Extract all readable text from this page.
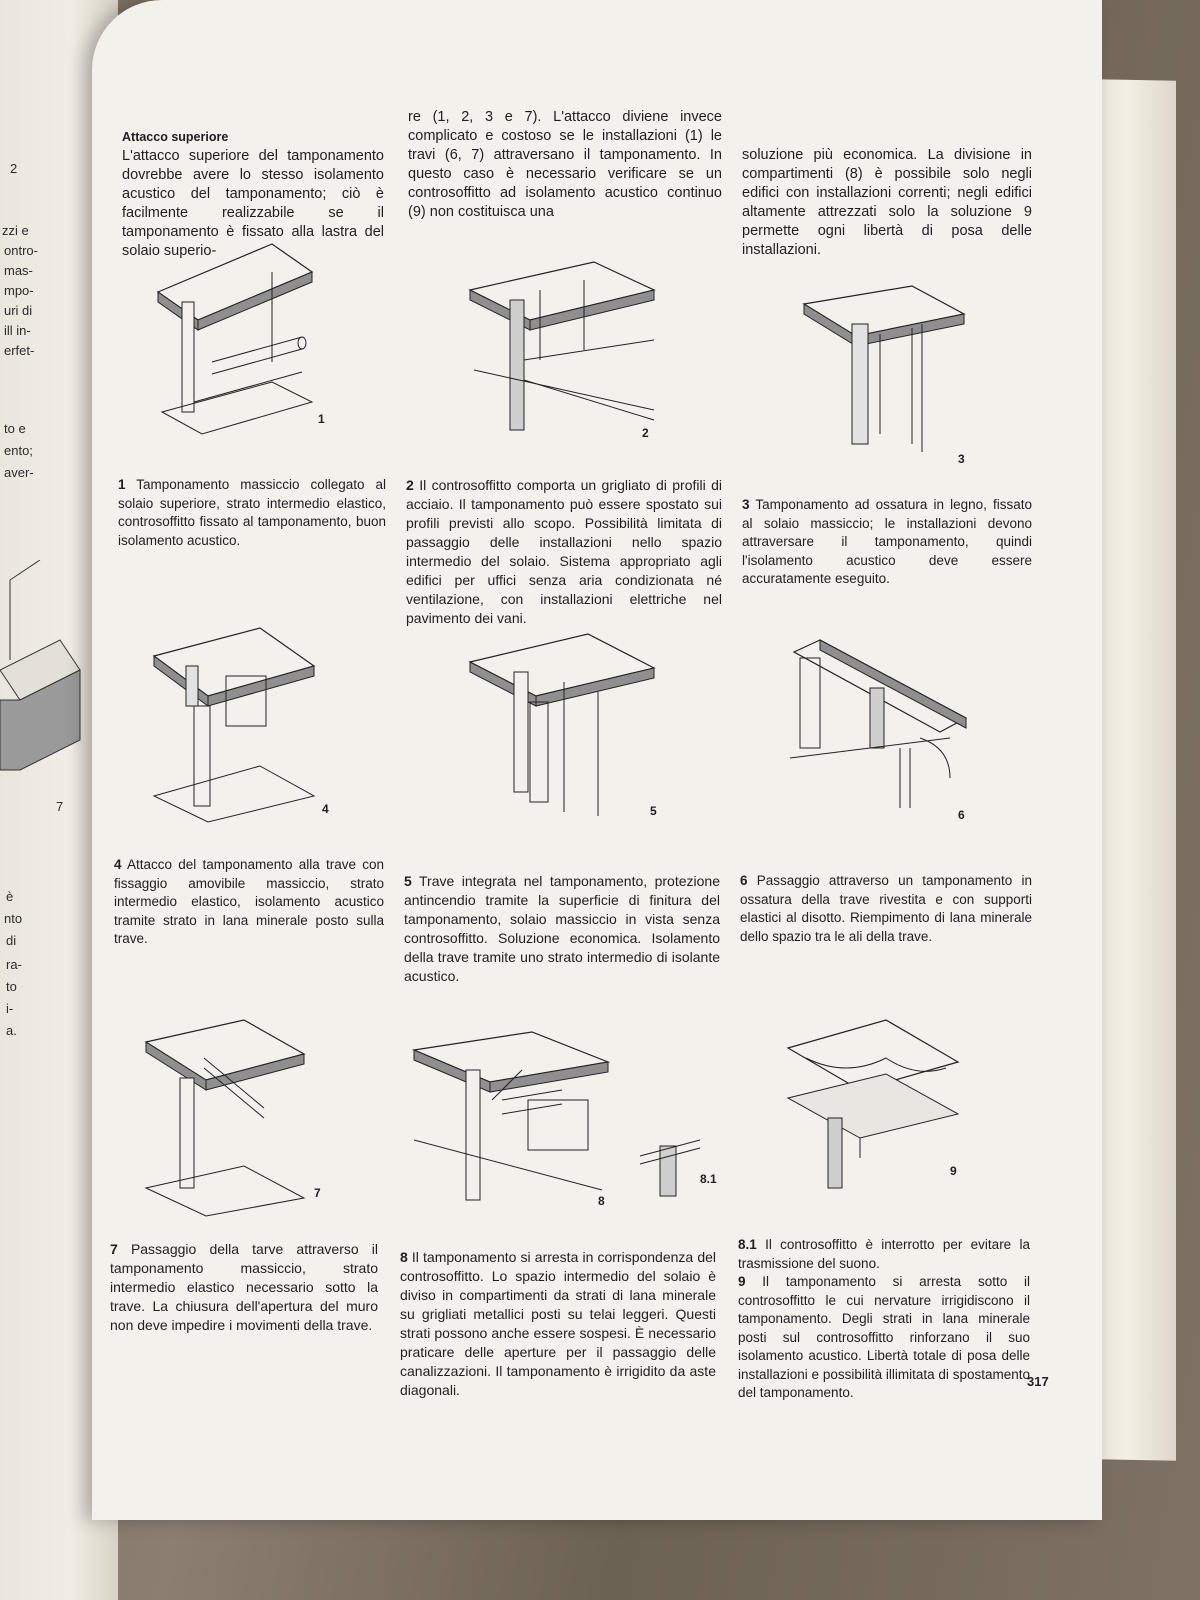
2
zzi e
ontro-
mas-
mpo-
uri di
ill in-
erfet-
to e
ento;
aver-
7
è
nto
di
ra-
to
i-
a.
Attacco superiore
L'attacco superiore del tamponamento dovrebbe avere lo stesso isolamento acustico del tamponamento; ciò è facilmente realizzabile se il tamponamento è fissato alla lastra del solaio superio-
re (1, 2, 3 e 7). L'attacco diviene invece complicato e costoso se le installazioni (1) le travi (6, 7) attraversano il tamponamento. In questo caso è necessario verificare se un controsoffitto ad isolamento acustico continuo (9) non costituisca una
soluzione più economica. La divisione in compartimenti (8) è possibile solo negli edifici con installazioni correnti; negli edifici altamente attrezzati solo la soluzione 9 permette ogni libertà di posa delle installazioni.
1
2
3
1 Tamponamento massiccio collegato al solaio superiore, strato intermedio elastico, controsoffitto fissato al tamponamento, buon isolamento acustico.
2 Il controsoffitto comporta un grigliato di profili di acciaio. Il tamponamento può essere spostato sui profili previsti allo scopo. Possibilità limitata di passaggio delle installazioni nello spazio intermedio del solaio. Sistema appropriato agli edifici per uffici senza aria condizionata né ventilazione, con installazioni elettriche nel pavimento dei vani.
3 Tamponamento ad ossatura in legno, fissato al solaio massiccio; le installazioni devono attraversare il tamponamento, quindi l'isolamento acustico deve essere accuratamente eseguito.
4	5	6
4 Attacco del tamponamento alla trave con fissaggio amovibile massiccio, strato intermedio elastico, isolamento acustico tramite strato in lana minerale posto sulla trave.
5 Trave integrata nel tamponamento, protezione antincendio tramite la superficie di finitura del tamponamento, solaio massiccio in vista senza controsoffitto. Soluzione economica. Isolamento della trave tramite uno strato intermedio di isolante acustico.
6 Passaggio attraverso un tamponamento in ossatura della trave rivestita e con supporti elastici al disotto. Riempimento di lana minerale dello spazio tra le ali della trave.
7
8
8.1
9
7 Passaggio della tarve attraverso il tamponamento massiccio, strato intermedio elastico necessario sotto la trave. La chiusura dell'apertura del muro non deve impedire i movimenti della trave.
8 Il tamponamento si arresta in corrispondenza del controsoffitto. Lo spazio intermedio del solaio è diviso in compartimenti da strati di lana minerale su grigliati metallici posti su telai leggeri. Questi strati possono anche essere sospesi. È necessario praticare delle aperture per il passaggio delle canalizzazioni. Il tamponamento è irrigidito da aste diagonali.
8.1 Il controsoffitto è interrotto per evitare la trasmissione del suono.
9 Il tamponamento si arresta sotto il controsoffitto le cui nervature irrigidiscono il tamponamento. Degli strati in lana minerale posti sul controsoffitto rinforzano il suo isolamento acustico. Libertà totale di posa delle installazioni e possibilità illimitata di spostamento del tamponamento.
317
